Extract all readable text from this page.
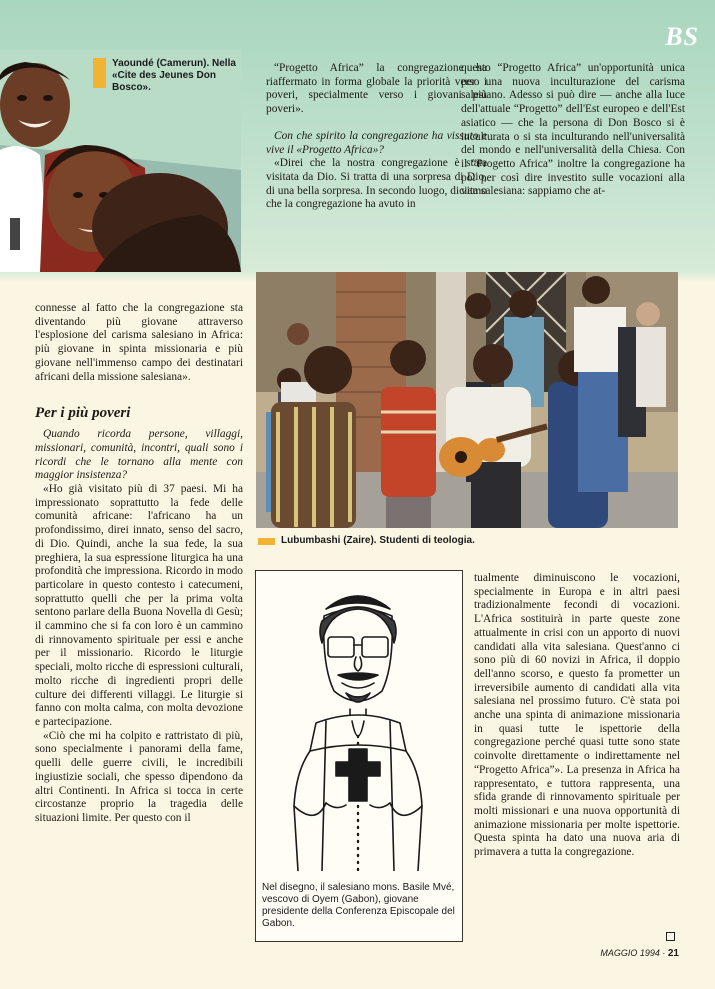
BS
Yaoundé (Camerun). Nella «Cite des Jeunes Don Bosco».
Lubumbashi (Zaire). Studenti di teologia.
Nel disegno, il salesiano mons. Basile Mvé, vescovo di Oyem (Gabon), giovane presidente della Conferenza Episcopale del Gabon.

“Progetto Africa” la congregazione ha riaffermato in forma globale la priorità verso i poveri, specialmente verso i giovani più poveri».

Con che spirito la congregazione ha vissuto e vive il «Progetto Africa»?

«Direi che la nostra congregazione è stata visitata da Dio. Si tratta di una sorpresa di Dio, di una bella sorpresa. In secondo luogo, diciamo che la congregazione ha avuto in

questo “Progetto Africa” un'opportunità unica per una nuova inculturazione del carisma salesiano. Adesso si può dire — anche alla luce dell'attuale “Progetto” dell'Est europeo e dell'Est asiatico — che la persona di Don Bosco si è inculturata o si sta inculturando nell'universalità del mondo e nell'universalità della Chiesa. Con il “Progetto Africa” inoltre la congregazione ha poi per così dire investito sulle vocazioni alla vita salesiana: sappiamo che at-

connesse al fatto che la congregazione sta diventando più giovane attraverso l'esplosione del carisma salesiano in Africa: più giovane in spinta missionaria e più giovane nell'immenso campo dei destinatari africani della missione salesiana».

Per i più poveri

Quando ricorda persone, villaggi, missionari, comunità, incontri, quali sono i ricordi che le tornano alla mente con maggior insistenza?

«Ho già visitato più di 37 paesi. Mi ha impressionato soprattutto la fede delle comunità africane: l'africano ha un profondissimo, direi innato, senso del sacro, di Dio. Quindi, anche la sua fede, la sua preghiera, la sua espressione liturgica ha una profondità che impressiona. Ricordo in modo particolare in questo contesto i catecumeni, soprattutto quelli che per la prima volta sentono parlare della Buona Novella di Gesù; il cammino che si fa con loro è un cammino di rinnovamento spirituale per essi e anche per il missionario. Ricordo le liturgie speciali, molto ricche di espressioni culturali, molto ricche di ingredienti propri delle culture dei differenti villaggi. Le liturgie si fanno con molta calma, con molta devozione e partecipazione.

«Ciò che mi ha colpito e rattristato di più, sono specialmente i panorami della fame, quelli delle guerre civili, le incredibili ingiustizie sociali, che spesso dipendono da altri Continenti. In Africa si tocca in certe circostanze proprio la tragedia delle situazioni limite. Per questo con il

tualmente diminuiscono le vocazioni, specialmente in Europa e in altri paesi tradizionalmente fecondi di vocazioni. L'Africa sostituirà in parte queste zone attualmente in crisi con un apporto di nuovi candidati alla vita salesiana. Quest'anno ci sono più di 60 novizi in Africa, il doppio dell'anno scorso, e questo fa prometter un irreversibile aumento di candidati alla vita salesiana nel prossimo futuro. C'è stata poi anche una spinta di animazione missionaria in quasi tutte le ispettorie della congregazione perché quasi tutte sono state coinvolte direttamente o indirettamente nel “Progetto Africa”». La presenza in Africa ha rappresentato, e tuttora rappresenta, una sfida grande di rinnovamento spirituale per molti missionari e una nuova opportunità di animazione missionaria per molte ispettorie. Questa spinta ha dato una nuova aria di primavera a tutta la congregazione.

MAGGIO 1994 · 21
